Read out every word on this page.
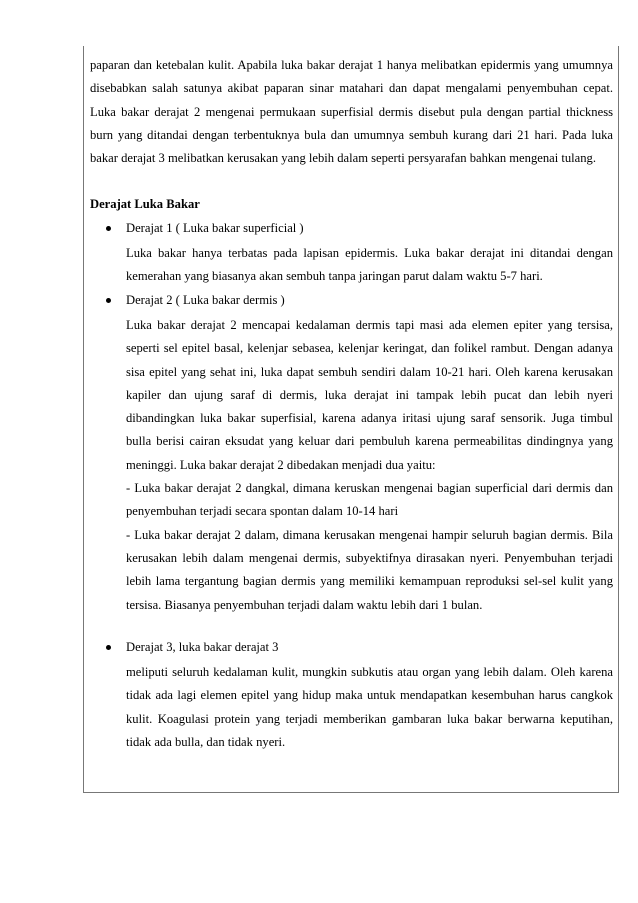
paparan dan ketebalan kulit. Apabila luka bakar derajat 1 hanya melibatkan epidermis yang umumnya disebabkan salah satunya akibat paparan sinar matahari dan dapat mengalami penyembuhan cepat. Luka bakar derajat 2 mengenai permukaan superfisial dermis disebut pula dengan partial thickness burn yang ditandai dengan terbentuknya bula dan umumnya sembuh kurang dari 21 hari. Pada luka bakar derajat 3 melibatkan kerusakan yang lebih dalam seperti persyarafan bahkan mengenai tulang.

Derajat Luka Bakar

Derajat 1 ( Luka bakar superficial )

Luka bakar hanya terbatas pada lapisan epidermis. Luka bakar derajat ini ditandai dengan kemerahan yang biasanya akan sembuh tanpa jaringan parut dalam waktu 5-7 hari.

Derajat 2 ( Luka bakar dermis )

Luka bakar derajat 2 mencapai kedalaman dermis tapi masi ada elemen epiter yang tersisa, seperti sel epitel basal, kelenjar sebasea, kelenjar keringat, dan folikel rambut. Dengan adanya sisa epitel yang sehat ini, luka dapat sembuh sendiri dalam 10-21 hari. Oleh karena kerusakan kapiler dan ujung saraf di dermis, luka derajat ini tampak lebih pucat dan lebih nyeri dibandingkan luka bakar superfisial, karena adanya iritasi ujung saraf sensorik. Juga timbul bulla berisi cairan eksudat yang keluar dari pembuluh karena permeabilitas dindingnya yang meninggi. Luka bakar derajat 2 dibedakan menjadi dua yaitu:

- Luka bakar derajat 2 dangkal, dimana keruskan mengenai bagian superficial dari dermis dan penyembuhan terjadi secara spontan dalam 10-14 hari

- Luka bakar derajat 2 dalam, dimana kerusakan mengenai hampir seluruh bagian dermis. Bila kerusakan lebih dalam mengenai dermis, subyektifnya dirasakan nyeri. Penyembuhan terjadi lebih lama tergantung bagian dermis yang memiliki kemampuan reproduksi sel-sel kulit yang tersisa. Biasanya penyembuhan terjadi dalam waktu lebih dari 1 bulan.

Derajat 3, luka bakar derajat 3

meliputi seluruh kedalaman kulit, mungkin subkutis atau organ yang lebih dalam. Oleh karena tidak ada lagi elemen epitel yang hidup maka untuk mendapatkan kesembuhan harus cangkok kulit. Koagulasi protein yang terjadi memberikan gambaran luka bakar berwarna keputihan, tidak ada bulla, dan tidak nyeri.
